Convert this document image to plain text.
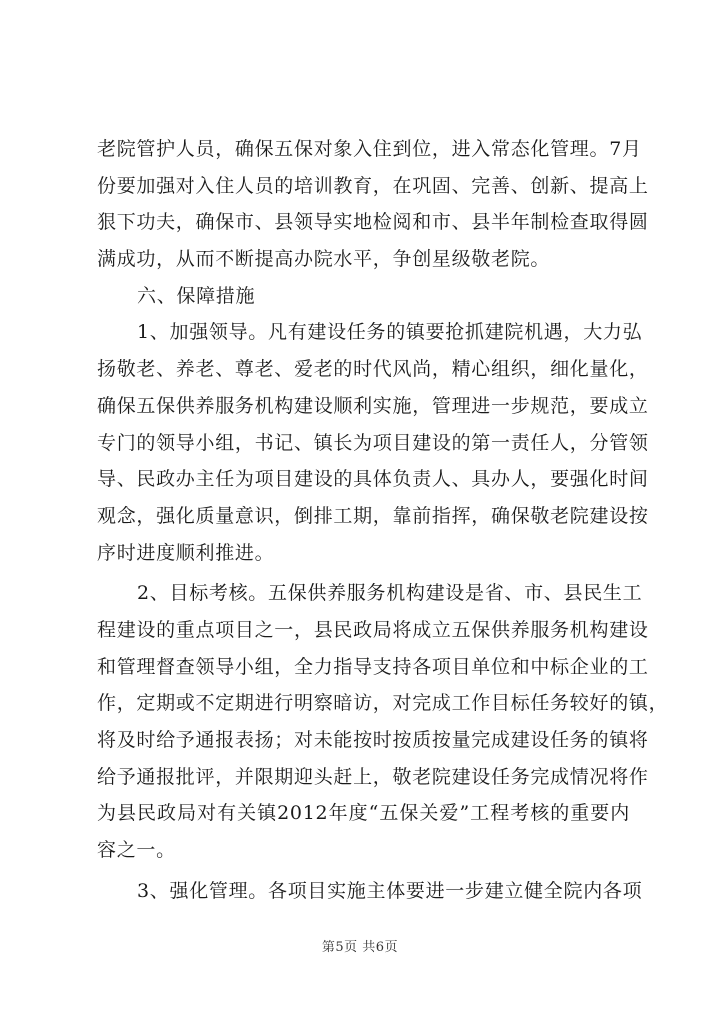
老院管护人员，确保五保对象入住到位，进入常态化管理。7月
份要加强对入住人员的培训教育，在巩固、完善、创新、提高上
狠下功夫，确保市、县领导实地检阅和市、县半年制检查取得圆
满成功，从而不断提高办院水平，争创星级敬老院。
六、保障措施
1、加强领导。凡有建设任务的镇要抢抓建院机遇，大力弘
扬敬老、养老、尊老、爱老的时代风尚，精心组织，细化量化，
确保五保供养服务机构建设顺利实施，管理进一步规范，要成立
专门的领导小组，书记、镇长为项目建设的第一责任人，分管领
导、民政办主任为项目建设的具体负责人、具办人，要强化时间
观念，强化质量意识，倒排工期，靠前指挥，确保敬老院建设按
序时进度顺利推进。
2、目标考核。五保供养服务机构建设是省、市、县民生工
程建设的重点项目之一，县民政局将成立五保供养服务机构建设
和管理督查领导小组，全力指导支持各项目单位和中标企业的工
作，定期或不定期进行明察暗访，对完成工作目标任务较好的镇，
将及时给予通报表扬；对未能按时按质按量完成建设任务的镇将
给予通报批评，并限期迎头赶上，敬老院建设任务完成情况将作
为县民政局对有关镇2012年度“五保关爱”工程考核的重要内
容之一。
3、强化管理。各项目实施主体要进一步建立健全院内各项
第5页 共6页
